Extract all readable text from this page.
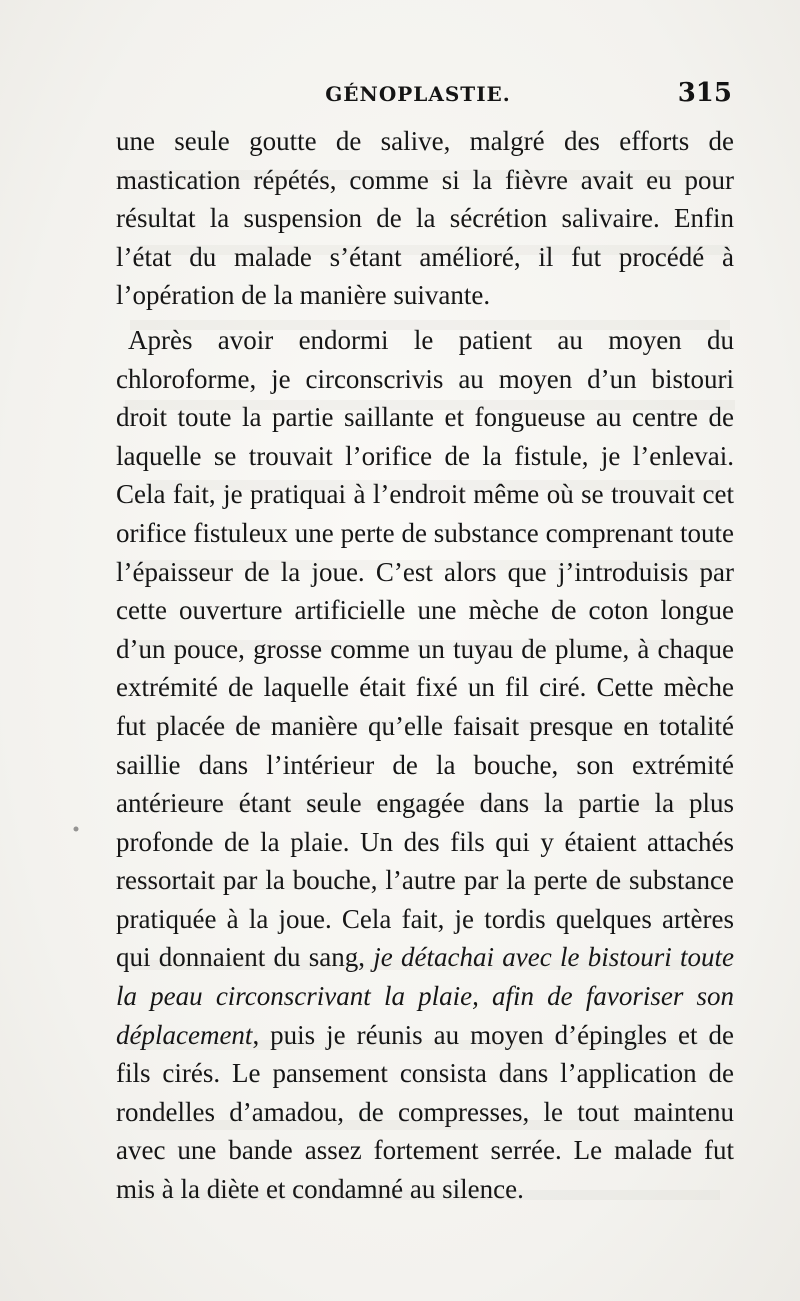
GÉNOPLASTIE.	315

une seule goutte de salive, malgré des efforts de mastication répétés, comme si la fièvre avait eu pour résultat la suspension de la sécrétion salivaire. Enfin l’état du malade s’étant amélioré, il fut procédé à l’opération de la manière suivante.

Après avoir endormi le patient au moyen du chloroforme, je circonscrivis au moyen d’un bistouri droit toute la partie saillante et fongueuse au centre de laquelle se trouvait l’orifice de la fistule, je l’enlevai. Cela fait, je pratiquai à l’endroit même où se trouvait cet orifice fistuleux une perte de substance comprenant toute l’épaisseur de la joue. C’est alors que j’introduisis par cette ouverture artificielle une mèche de coton longue d’un pouce, grosse comme un tuyau de plume, à chaque extrémité de laquelle était fixé un fil ciré. Cette mèche fut placée de manière qu’elle faisait presque en totalité saillie dans l’intérieur de la bouche, son extrémité antérieure étant seule engagée dans la partie la plus profonde de la plaie. Un des fils qui y étaient attachés ressortait par la bouche, l’autre par la perte de substance pratiquée à la joue. Cela fait, je tordis quelques artères qui donnaient du sang, je détachai avec le bistouri toute la peau circonscrivant la plaie, afin de favoriser son déplacement, puis je réunis au moyen d’épingles et de fils cirés. Le pansement consista dans l’application de rondelles d’amadou, de compresses, le tout maintenu avec une bande assez fortement serrée. Le malade fut mis à la diète et condamné au silence.
